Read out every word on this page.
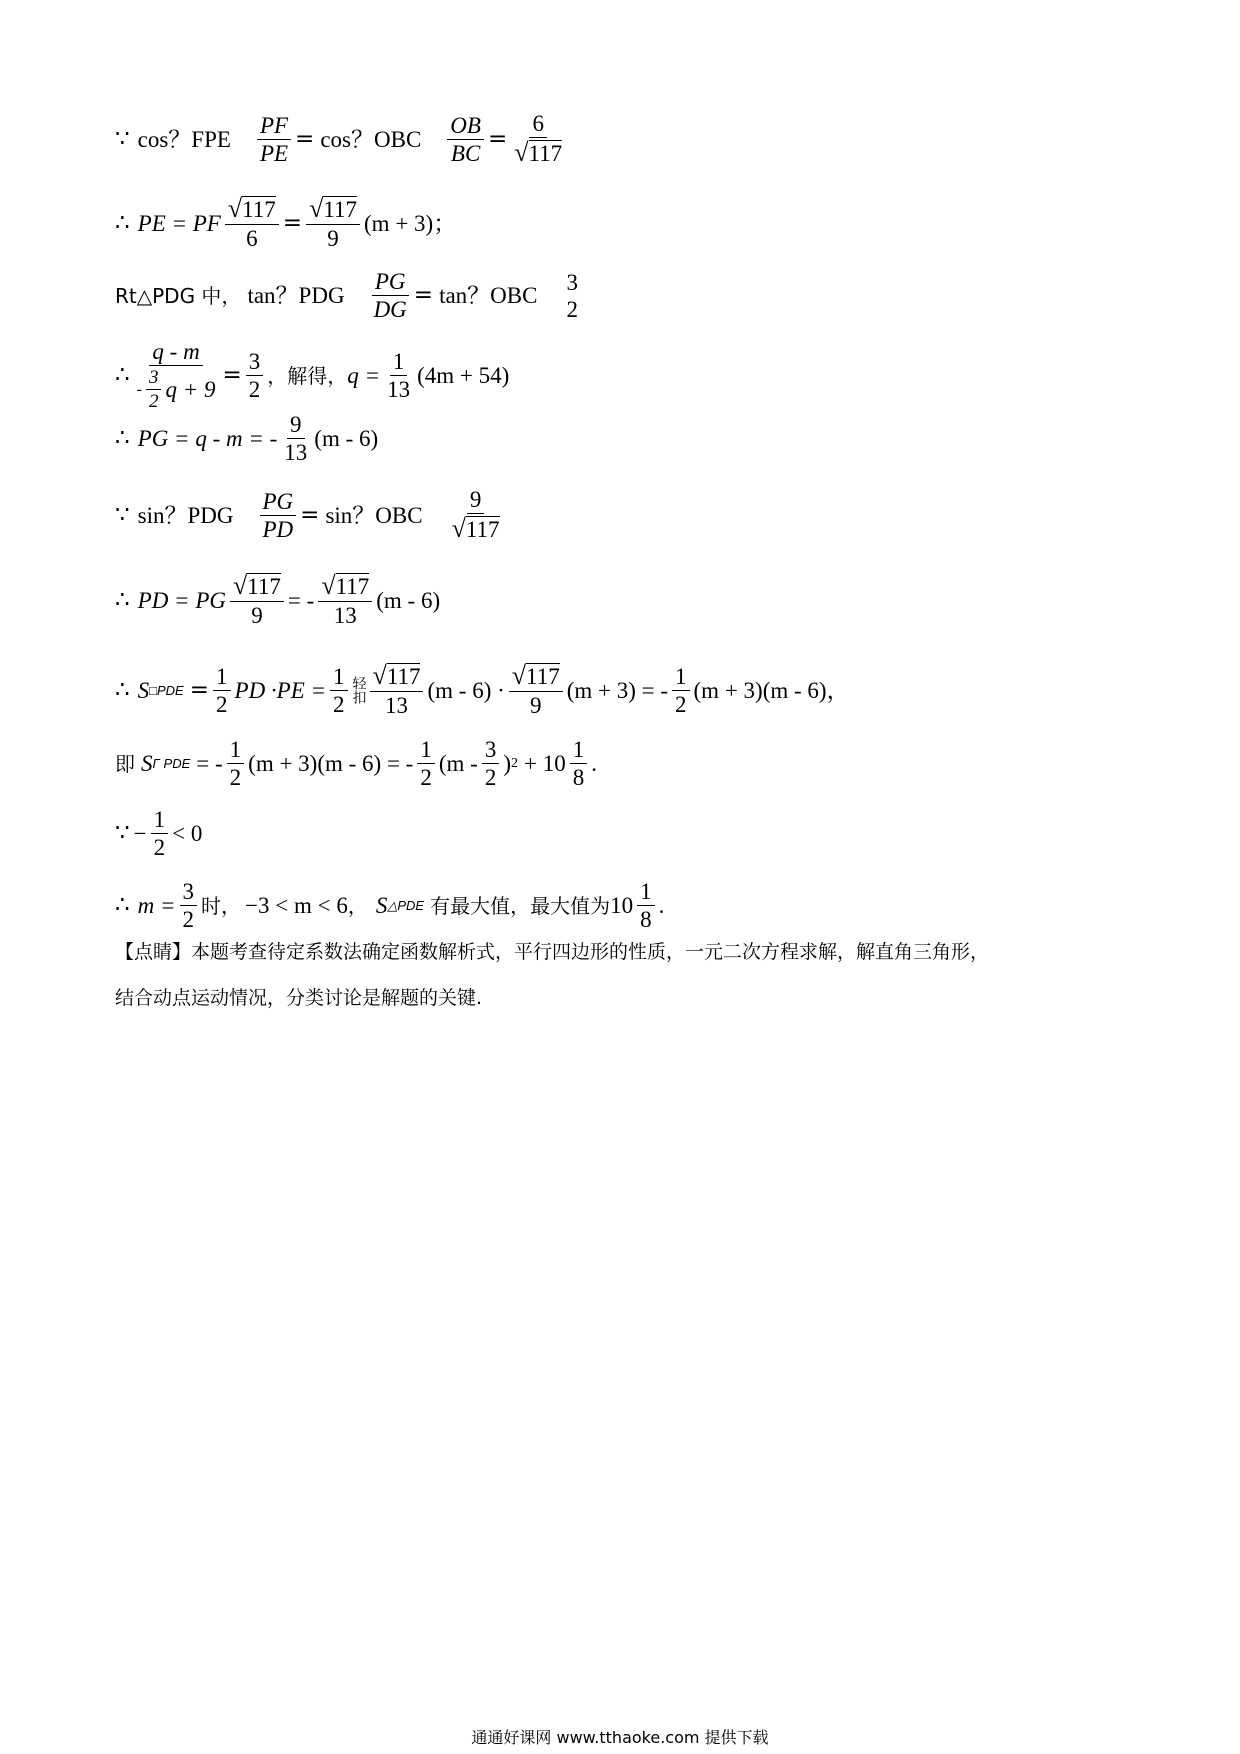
∵ cos？FPE $\frac{PF}{PE} = \cos$？OBC $\frac{OB}{BC} = \frac{6}{√ 117}$
∴ PE = PF $\frac{√ 117}{6} = \frac{√ 117}{9} (m + 3)$；
Rt△PDG 中， tan？PDG $\frac{PG}{DG} = \tan$？OBC
3
2
∴ $\frac{q - m}{- \frac{3}{2} q + 9} = \frac{3}{2}$ ，解得， $q = \frac{1}{13} (4m + 54)$
∴ PG = q - m = - $\frac{9}{13} (m - 6)$
∵ sin？PDG $\frac{PG}{PD} = \sin$？OBC $\frac{9}{√ 117}$
∴ PD = PG $\frac{√ 117}{9}$ = - $\frac{√ 117}{13} (m - 6)$
∴ S □PDE = $\frac{1}{2}$ PD $\cdot PE = \frac{1}{2}$ 轻扣 $\frac{√ 117}{13} (m - 6) \cdot \frac{√ 117}{9} (m + 3)$ = - $\frac{1}{2} (m + 3)(m - 6)$，
即 S Γ PDE = - $\frac{1}{2} (m + 3)(m - 6)$ = - $\frac{1}{2} (m - \frac{3}{2}$ ) $2 + 10 \frac{1}{8}$ .
∵ − $\frac{1}{2} < 0$
∴ $m = \frac{3}{2}$ 时， −3 < m < 6 ， S △PDE 有最大值，最大值为 $10 \frac{1}{8}$ .
【点睛】本题考查待定系数法确定函数解析式，平行四边形的性质，一元二次方程求解，解直角三角形，
结合动点运动情况，分类讨论是解题的关键.
通通好课网 www.tthaoke.com 提供下载
